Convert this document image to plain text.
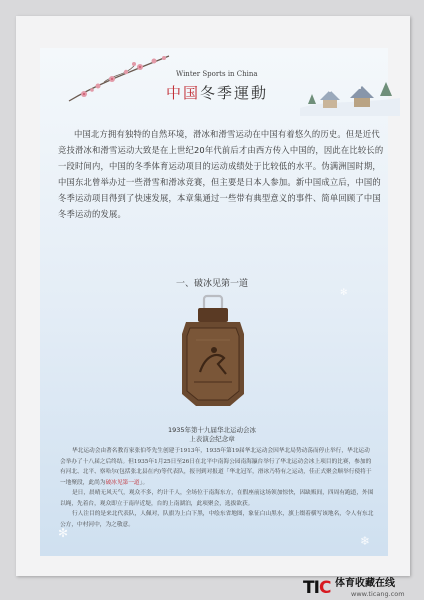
✻
❄
✻
Winter Sports in China
中国冬季運動

中国北方拥有独特的自然环境，滑冰和滑雪运动在中国有着悠久的历史。但是近代竞技滑冰和滑雪运动大致是在上世纪20年代前后才由西方传入中国的，因此在比较长的一段时间内，中国的冬季体育运动项目的运动成绩处于比较低的水平。伪满洲国时期，中国东北曾举办过一些滑雪和滑冰竞赛，但主要是日本人参加。新中国成立后，中国的冬季运动项目得到了快速发展，本章集通过一些带有典型意义的事件、简单回顾了中国冬季运动的发展。

一、破冰见第一道
1935年第十九届华北运动会冰
上表演会纪念章

华北运动会由著名教育家张伯苓先生创建于1913年，1935年第19届华北运动会因华北局势动荡而停止举行，华北运动会举办了十八届之后终结。但1935年1月25日至26日在北平中南海公园南海瀛台举行了华北运动会冰上项目的比赛，参加的有河北、北平、察哈尔(包括张北县在内)等代表队，报刊到对报道「华北冠军，滑冰乃特有之运动，佳正式聚会顺举行使将于一地聚段，此尚为破冰见第一道」。

是日，晨晴无风天气，观众不多，约计千人，全场位于南海东方，在假座前这场领加惊快，因缺贩间，四周有跑道，外围以绳，先着台，观众即立于南岸近堤，台的上南湖泊，此项聚会，选拔欲获。

行人注目的是来北代表队，人佩对，队旗为上白下黑，中绘东省地图，象征白山黑水，旗上缀着横写该地名，令人有东北公方，中村河中，为之敬意。

TIC 体育收藏在线
www.ticang.com
